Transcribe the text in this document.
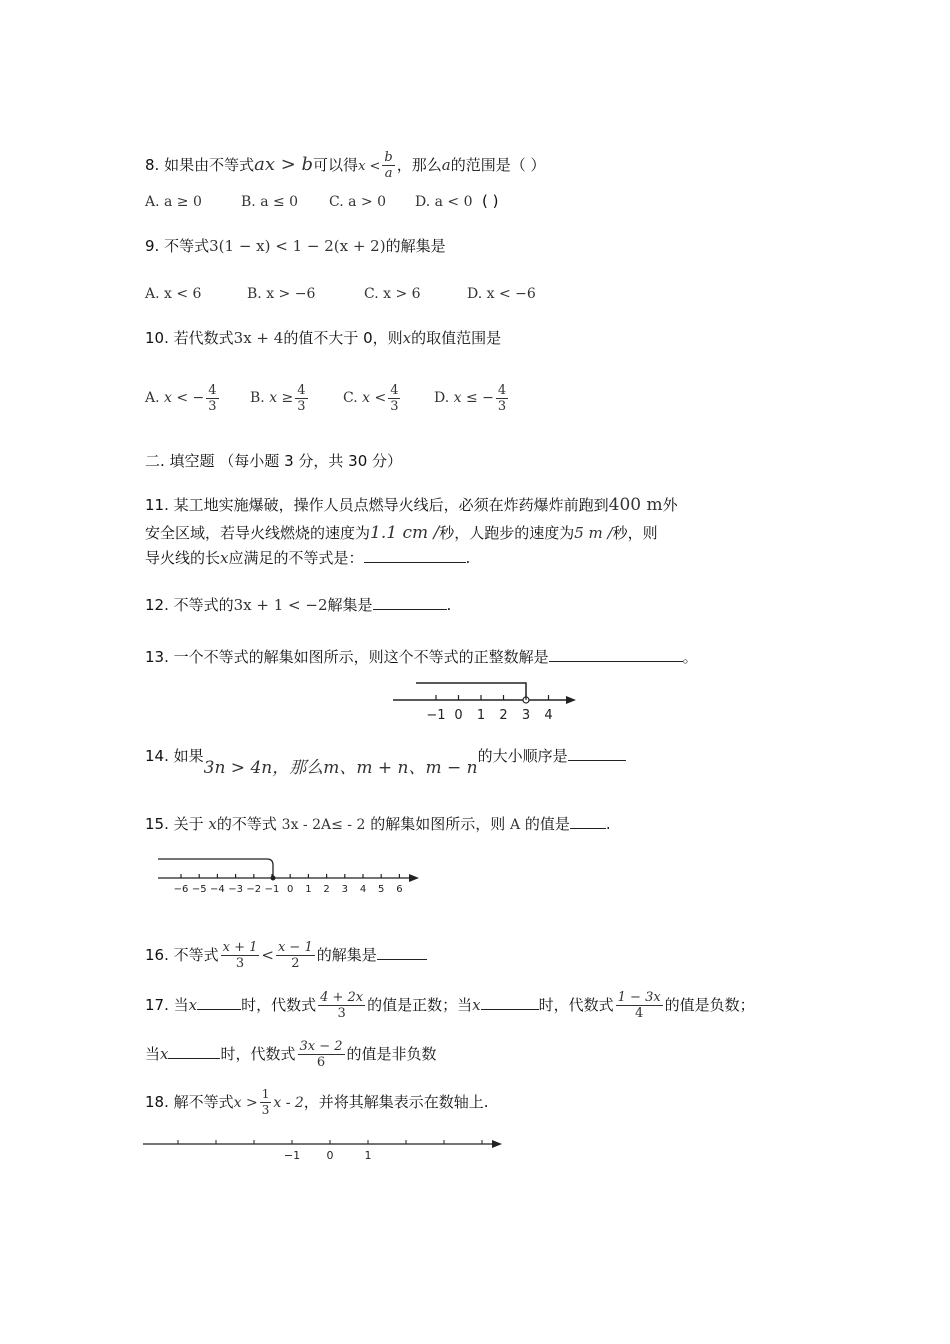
8. 如果由不等式ax > b可以得$x < \frac{b}{a}$ ，那么a的范围是（ ）
A. a ≥ 0	B. a ≤ 0 C. a > 0 D. a < 0 ( )
9. 不等式3(1 − x) < 1 − 2(x + 2)的解集是
A. x < 6	B. x > −6	C. x > 6	D. x < −6
10. 若代数式3x + 4的值不大于 0，则x的取值范围是
A. x < − $\frac{4}{3} B$. $x \ge \frac{4}{3}$	C. $x < \frac{4}{3} D$. x ≤ − $\frac{4}{3}$
二. 填空题 （每小题 3 分，共 30 分）
11. 某工地实施爆破，操作人员点燃导火线后，必须在炸药爆炸前跑到400 m外
安全区域，若导火线燃烧的速度为1.1 cm /秒，人跑步的速度为5 m /秒，则
导火线的长x应满足的不等式是：	.
12. 不等式的3x + 1 < −2解集是	.
13. 一个不等式的解集如图所示，则这个不等式的正整数解是	。
−1 0 1 2 3 4
14. 如果3n > 4n，那么m、m + n、m − n的大小顺序是
15. 关于 x的不等式 3x - 2A≤ - 2 的解集如图所示，则 A 的值是 .
−6 −5 −4 −3 −2 −1 0 1 2 3 4 5 6
16. 不等式 $\frac{x + 1}{3} < \frac{x - 1}{2}$ 的解集是
17. 当x	时，代数式 $\frac{4 + 2x}{3}$ 的值是正数；当x	时，代数式 $\frac{1 - 3x}{4}$ 的值是负数；
当x	时，代数式 $\frac{3x - 2}{6}$ 的值是非负数
18. 解不等式$x > \frac{1}{3}$ x - 2，并将其解集表示在数轴上.
−1 0	1
